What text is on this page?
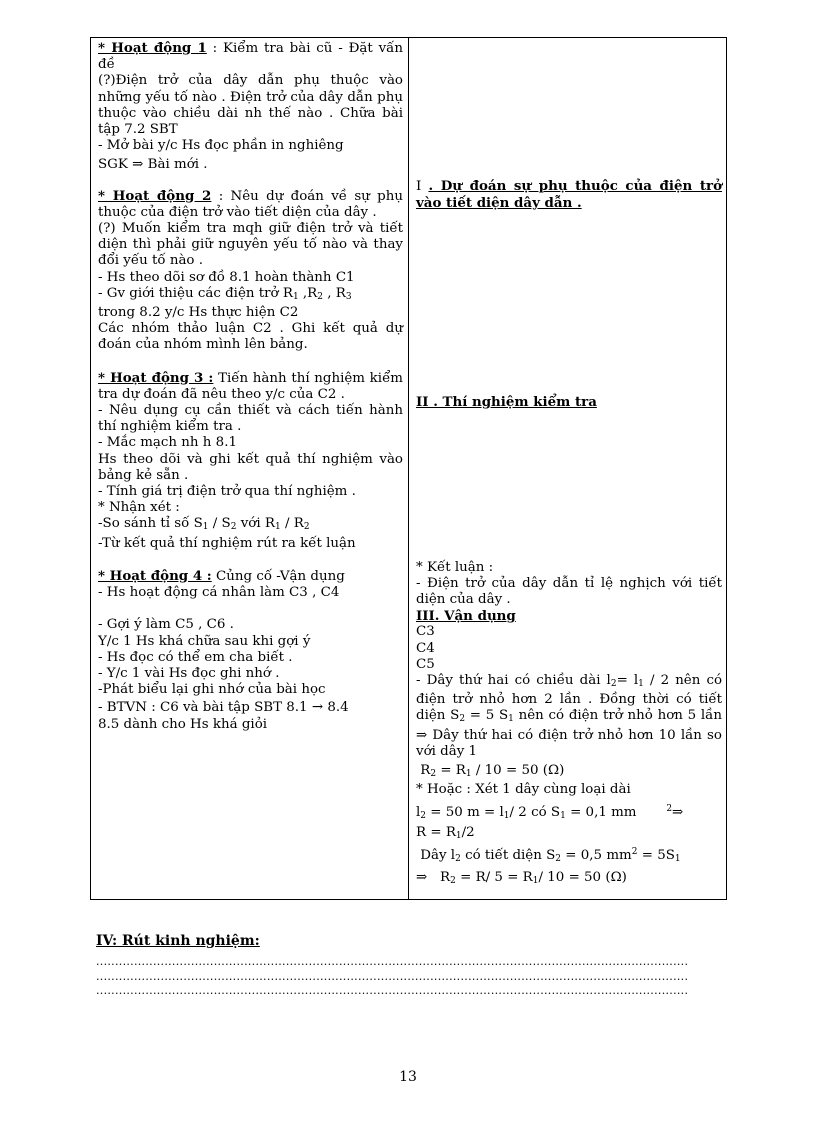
* Hoạt động 1 : Kiểm tra bài cũ - Đặt vấn đề

(?)Điện trở của dây dẫn phụ thuộc vào những yếu tố nào . Điện trở của dây dẫn phụ thuộc vào chiều dài nh thế nào . Chữa bài tập 7.2 SBT

- Mở bài y/c Hs đọc phần in nghiêng

SGK ⇒ Bài mới .

* Hoạt động 2 : Nêu dự đoán về sự phụ thuộc của điện trở vào tiết diện của dây .

(?) Muốn kiểm tra mqh giữ điện trở và tiết diện thì phải giữ nguyên yếu tố nào và thay đổi yếu tố nào .

- Hs theo dõi sơ đồ 8.1 hoàn thành C1

- Gv giới thiệu các điện trở $R_1$ $,R_2$ , $R_3$

trong 8.2 y/c Hs thực hiện C2

Các nhóm thảo luận C2 . Ghi kết quả dự đoán của nhóm mình lên bảng.

* Hoạt động 3 : Tiến hành thí nghiệm kiểm tra dự đoán đã nêu theo y/c của C2 .

- Nêu dụng cụ cần thiết và cách tiến hành thí nghiệm kiểm tra .

- Mắc mạch nh h 8.1

Hs theo dõi và ghi kết quả thí nghiệm vào bảng kẻ sẵn .

- Tính giá trị điện trở qua thí nghiệm .

* Nhận xét :

-So sánh tỉ số $S_1 / S_2$ với $R_1 / R_2$

-Từ kết quả thí nghiệm rút ra kết luận

* Hoạt động 4 : Củng cố -Vận dụng

- Hs hoạt động cá nhân làm C3 , C4

- Gợi ý làm C5 , C6 .

Y/c 1 Hs khá chữa sau khi gợi ý

- Hs đọc có thể em cha biết .

- Y/c 1 vài Hs đọc ghi nhớ .

-Phát biểu lại ghi nhớ của bài học

- BTVN : C6 và bài tập SBT 8.1 → 8.4

8.5 dành cho Hs khá giỏi

I . Dự đoán sự phụ thuộc của điện trở vào tiết diện dây dẫn .

II . Thí nghiệm kiểm tra

* Kết luận :

- Điện trở của dây dẫn tỉ lệ nghịch với tiết diện của dây .

III. Vận dụng

C3

C4

C5

- Dây thứ hai có chiều dài $l_2= l_1 / 2$ nên có điện trở nhỏ hơn 2 lần . Đồng thời có tiết diện $S_2 = 5$ $S_1$ nên có điện trở nhỏ hơn 5 lần ⇒ Dây thứ hai có điện trở nhỏ hơn 10 lần so với dây 1

$R_2 = R_1 / 10 = 50$ (Ω)

* Hoặc : Xét 1 dây cùng loại dài

$l_2 = 50$ $m = l_1/$ 2 có $S_1 = 0,1$ mm	$^2$⇒

$R = R_1/2$

Dây $l_2$ có tiết diện $S_2 = 0,5$ $mm^2 = 5S_1$

⇒   $R_2 = R/$ $5 = R_1/$ 10 = 50 (Ω)

IV: Rút kinh nghiệm:
............................................................................................................................................................
............................................................................................................................................................
............................................................................................................................................................
13
